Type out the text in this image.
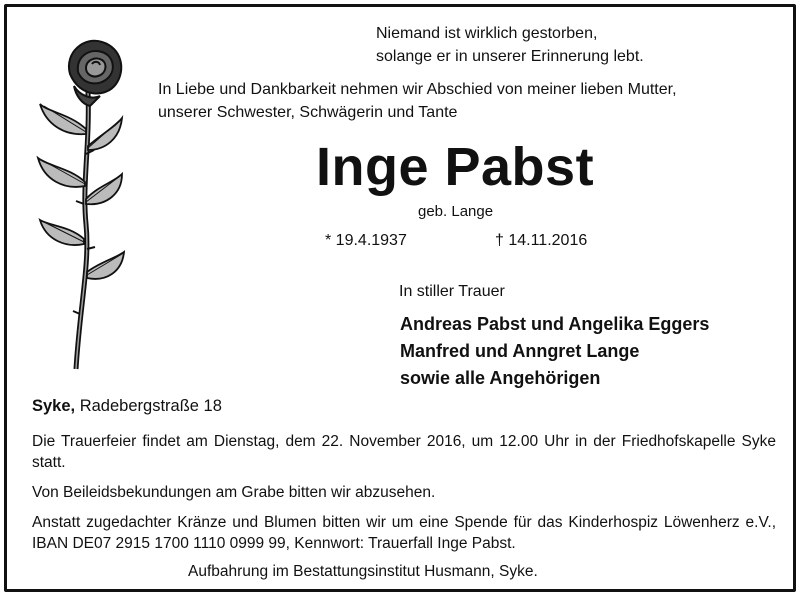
Niemand ist wirklich gestorben,
solange er in unserer Erinnerung lebt.
In Liebe und Dankbarkeit nehmen wir Abschied von meiner lieben Mutter,
unserer Schwester, Schwägerin und Tante
Inge Pabst
geb. Lange
* 19.4.1937	† 14.11.2016
In stiller Trauer
Andreas Pabst und Angelika Eggers
Manfred und Anngret Lange
sowie alle Angehörigen
Syke, Radebergstraße 18
Die Trauerfeier findet am Dienstag, dem 22. November 2016, um 12.00 Uhr in der Friedhofskapelle Syke statt.
Von Beileidsbekundungen am Grabe bitten wir abzusehen.
Anstatt zugedachter Kränze und Blumen bitten wir um eine Spende für das Kinderhospiz Löwenherz e.V., IBAN DE07 2915 1700 1110 0999 99, Kennwort: Trauerfall Inge Pabst.
Aufbahrung im Bestattungsinstitut Husmann, Syke.
